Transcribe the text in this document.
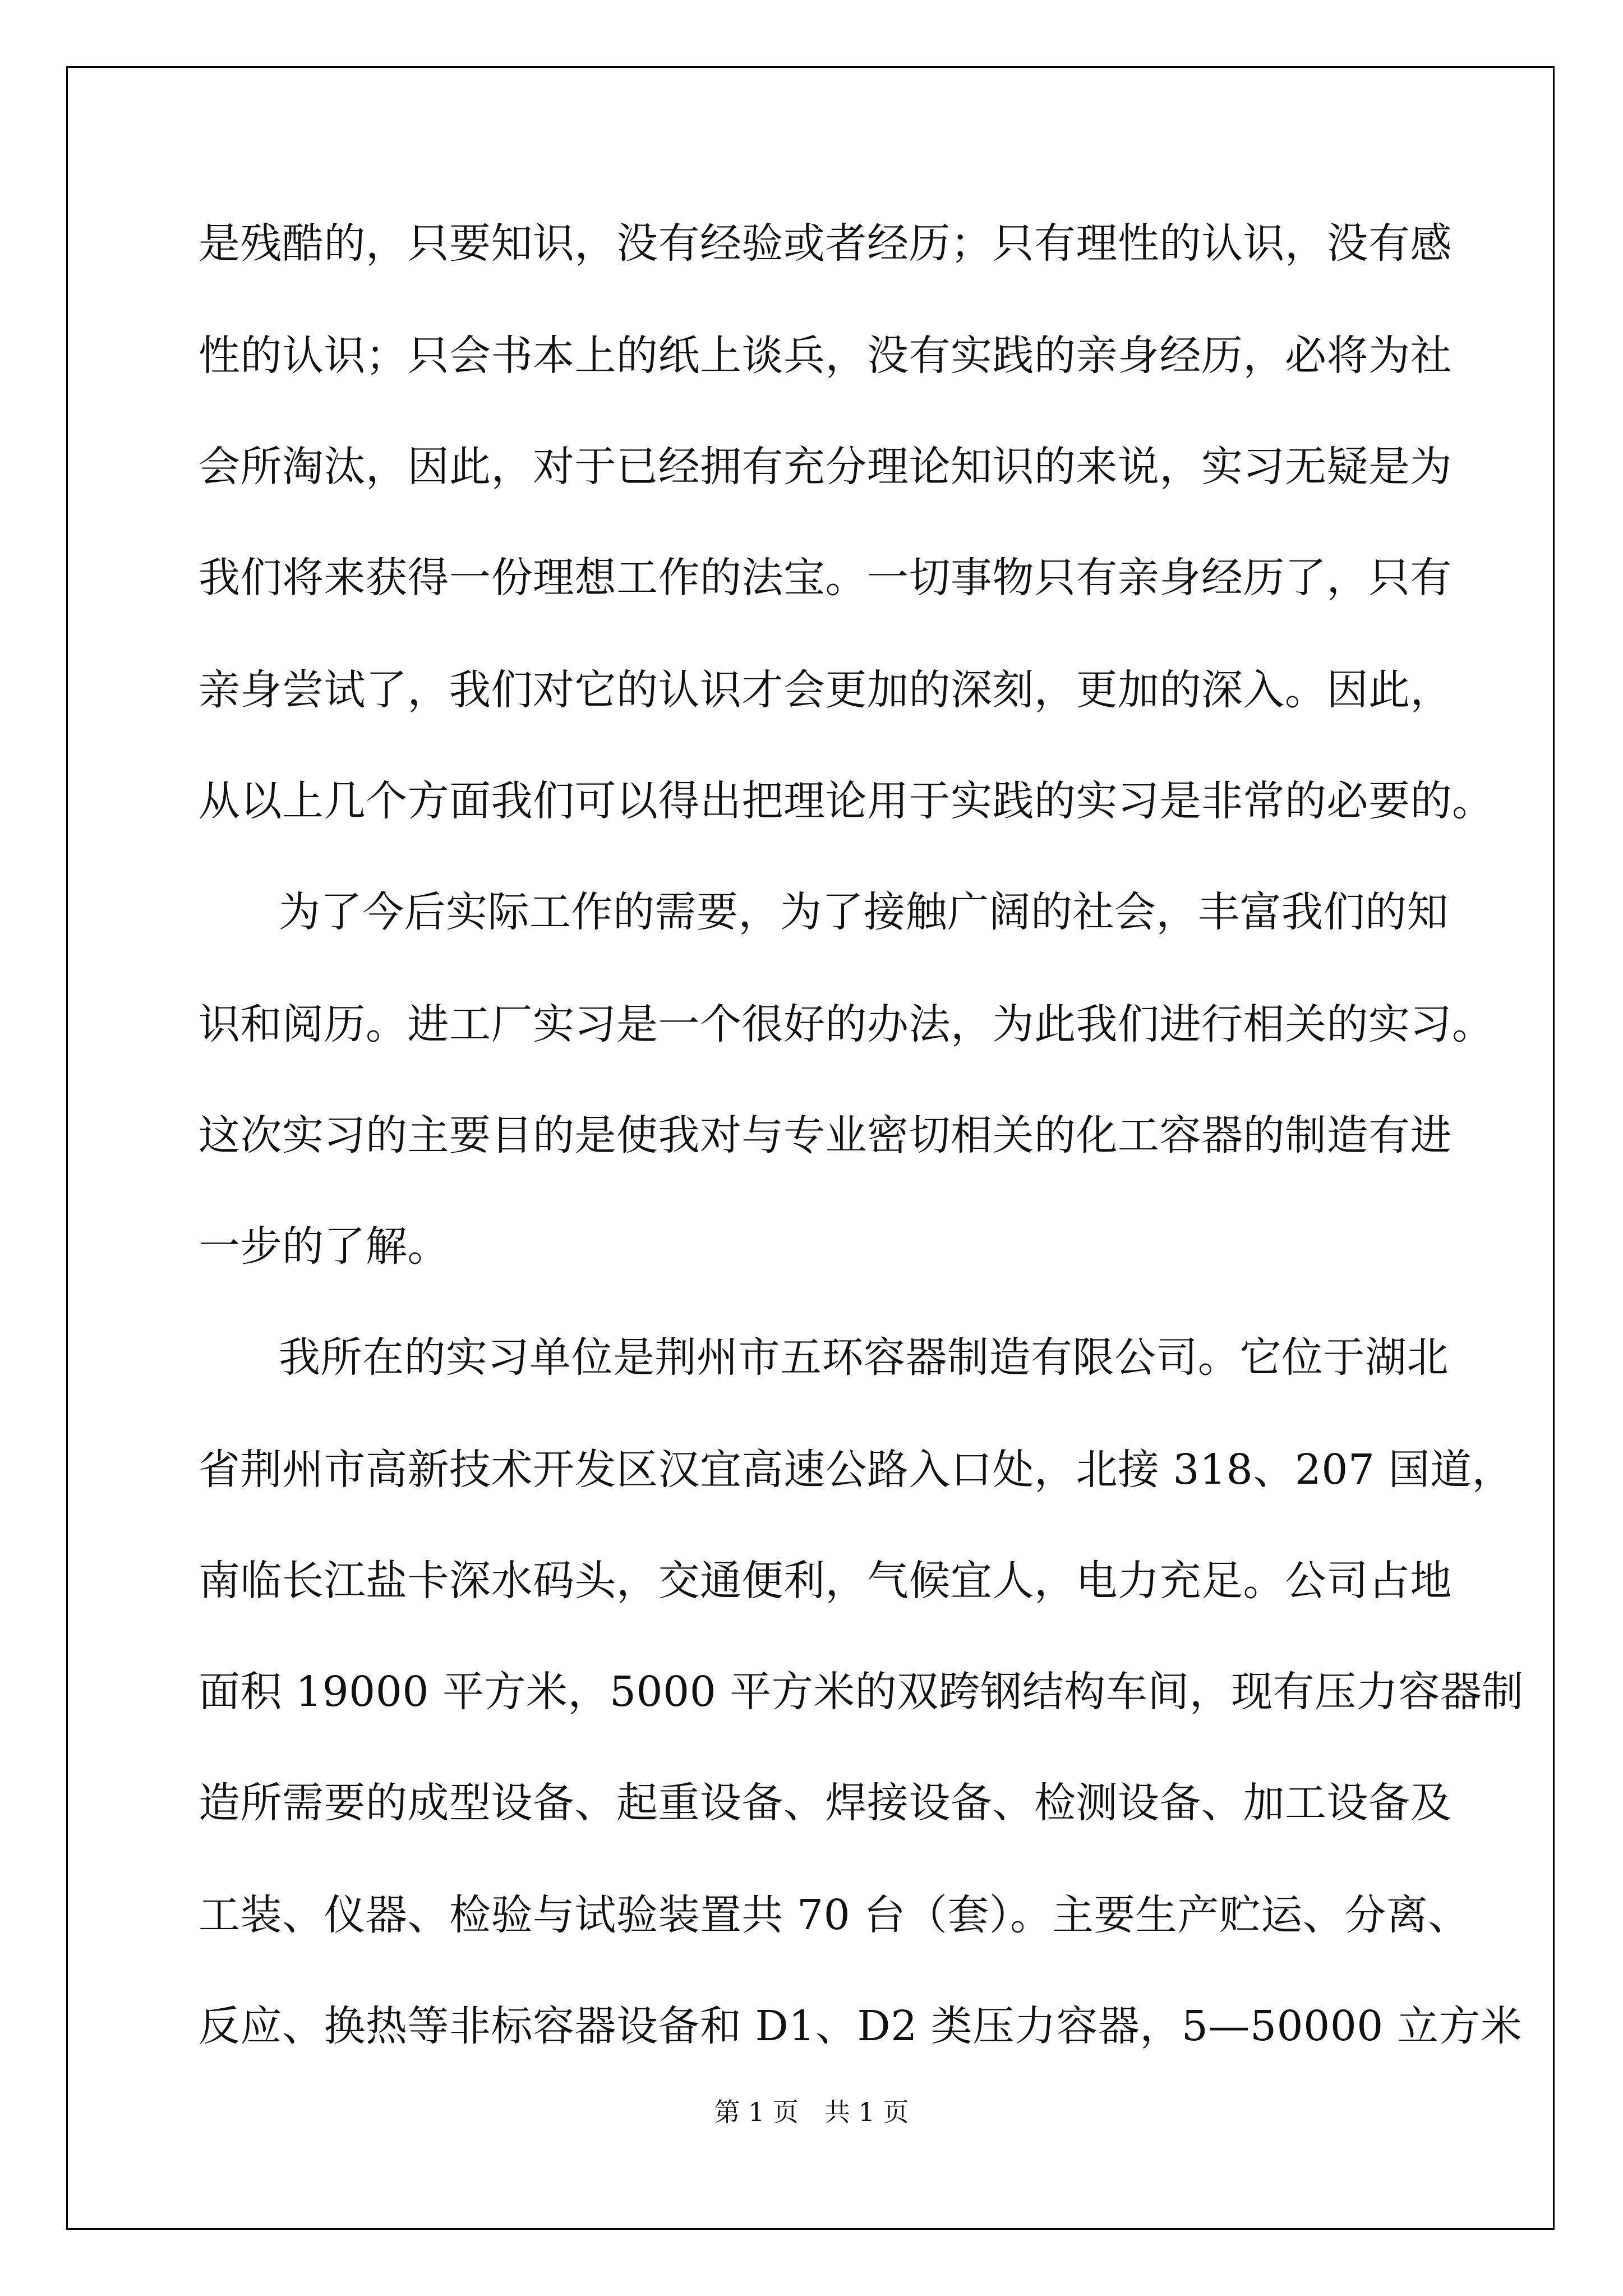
是残酷的，只要知识，没有经验或者经历；只有理性的认识，没有感
性的认识；只会书本上的纸上谈兵，没有实践的亲身经历，必将为社
会所淘汰，因此，对于已经拥有充分理论知识的来说，实习无疑是为
我们将来获得一份理想工作的法宝。一切事物只有亲身经历了，只有
亲身尝试了，我们对它的认识才会更加的深刻，更加的深入。因此，
从以上几个方面我们可以得出把理论用于实践的实习是非常的必要的。
为了今后实际工作的需要，为了接触广阔的社会，丰富我们的知
识和阅历。进工厂实习是一个很好的办法，为此我们进行相关的实习。
这次实习的主要目的是使我对与专业密切相关的化工容器的制造有进
一步的了解。
我所在的实习单位是荆州市五环容器制造有限公司。它位于湖北
省荆州市高新技术开发区汉宜高速公路入口处，北接 318、207 国道，
南临长江盐卡深水码头，交通便利，气候宜人，电力充足。公司占地
面积 19000 平方米，5000 平方米的双跨钢结构车间，现有压力容器制
造所需要的成型设备、起重设备、焊接设备、检测设备、加工设备及
工装、仪器、检验与试验装置共 70 台（套）。主要生产贮运、分离、
反应、换热等非标容器设备和 D1、D2 类压力容器，5—50000 立方米
第 1 页　共 1 页
